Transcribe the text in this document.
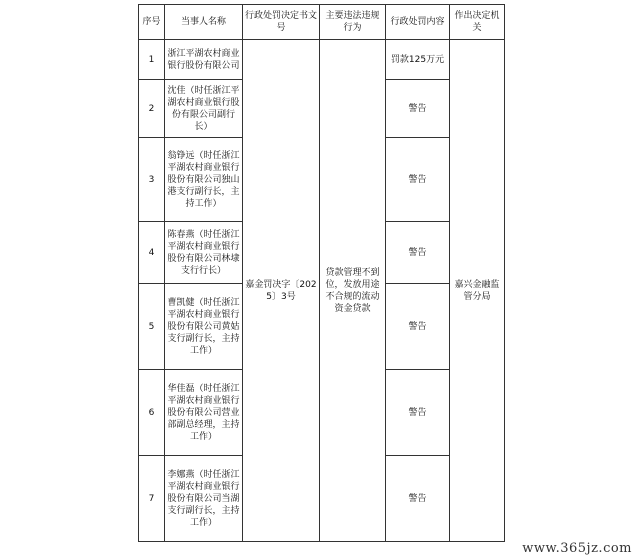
序号	当事人名称	行政处罚决定书文号	主要违法违规行为	行政处罚内容	作出决定机关
1	浙江平湖农村商业银行股份有限公司	嘉金罚决字〔2025〕3号	贷款管理不到位，发放用途不合规的流动资金贷款	罚款125万元	嘉兴金融监管分局
2	沈佳（时任浙江平湖农村商业银行股份有限公司副行长）			警告	
3	翁铮远（时任浙江平湖农村商业银行股份有限公司独山港支行副行长，主持工作）			警告	
4	陈春燕（时任浙江平湖农村商业银行股份有限公司林埭支行行长）			警告	
5	曹凯健（时任浙江平湖农村商业银行股份有限公司黄姑支行副行长，主持工作）			警告	
6	华佳磊（时任浙江平湖农村商业银行股份有限公司营业部副总经理，主持工作）			警告	
7	李娜燕（时任浙江平湖农村商业银行股份有限公司当湖支行副行长，主持工作）			警告	
www.365jz.com
